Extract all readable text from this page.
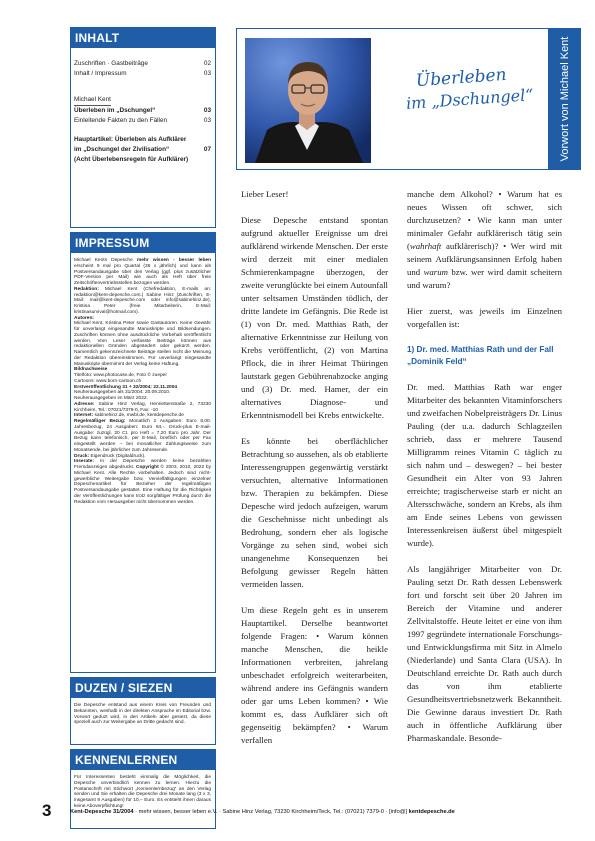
INHALT
Zuschriften · Gastbeiträge	02
Inhalt / Impressum	03
Michael Kent
Überleben im „Dschungel“	03
Einleitende Fakten zu den Fällen	03
Hauptartikel: Überleben als Aufklärer
im „Dschungel der Zivilisation“	07
(Acht Überlebensregeln für Aufklärer)
IMPRESSUM

Michael Kents Depesche mehr wissen - besser leben erscheint 9 mal pro Quartal (36 x jährlich) und kann als Postversandausgabe über den Verlag (ggf. plus zusätzlicher PDF-Version per Mail) wie auch als Heft über freie Zeitschriftenvertriebsstellen bezogen werden.

Redaktion: Michael Kent (Chefredaktion, E-mails an: redaktion@kent-depesche.com.) Sabine Hinz (Zuschriften, E-Mail: mail@kent-depesche.com oder info@sabinehinz.de), Kristina Peter (freie Mitarbeiterin, E-Mail: kristinasurvival@hotmail.com).

Autoren:

Michael Kent, Kristina Peter sowie Gastautoren. Keine Gewähr für unverlangt eingesandte Manuskripte und Bildsendungen. Zuschriften können ohne ausdrückliche Vorbehalt veröffentlicht werden. Vom Leser verfasste Beiträge können aus redaktionellen Gründen abgeändert oder gekürzt werden. Namentlich gekennzeichnete Beiträge stellen nicht die Meinung der Redaktion übereinstimmen. Für unverlangt eingesandte Manuskripte übernimmt der Verlag keine Haftung.

Bildnachweise

Titelfoto: www.photocase.de, Foto © zueper

Cartoons: www.born-cartoon.ch

Erstveröffentlichung 31 + 32/2004: 22.11.2004

Neuherausgegeben als 31/2004: 20.09.2010.

Neuherausgegeben im März 2022.

Adresse: Sabine Hinz Verlag, Henriettenstraße 2, 73230 Kirchheim, Tel.: 07021/7379-0, Fax: -10

Internet: sabinehinz.de, mwbl.de, kentdepesche.de

Regelmäßiger Bezug: Monatlich 2 Ausgaben: Euro 8,00. Jahresbezug, 24 Ausgaben: Euro 94,-. Druck-plus E-mail-Ausgabe: zuzügl. 20 Ct. pro Heft = 7,20 Euro pro Jahr. Der Bezug kann telefonisch, per E-Mail, brieflich oder per Fax eingestellt werden – bei monatlicher Zahlungsweise zum Monatsende, bei jährlicher zum Jahresende.

Druck: Eigendruck (Digitaldruck).

Inserate: In der Depesche werden keine bezahlten Fremdanzeigen abgedruckt. Copyright © 2003, 2010, 2022 by Michael Kent. Alle Rechte vorbehalten. Jedoch sind nicht-gewerbliche Weitergabe bzw. Vervielfältigungen einzelner Depeschenartikel für Bezieher der regelmäßigen Postversandausgabe gestattet. Eine Haftung für die Richtigkeit der Veröffentlichungen kann trotz sorgfältiger Prüfung durch die Redaktion vom Herausgeber nicht übernommen werden.

DUZEN / SIEZEN

Die Depesche entstand aus einem Kreis von Freunden und Bekannten, weshalb in der direkten Ansprache im Editorial bzw. Vorwort geduzt wird, in den Artikeln aber gesiezt, da diese speziell auch zur Weitergabe an Dritte gedacht sind.

KENNENLERNEN

Für Interessenten besteht einmalig die Möglichkeit, die Depesche unverbindlich kennen zu lernen. Hierzu die Postanschrift mit Stichwort „Kennenlernbezug“ an den Verlag senden und Sie erhalten die Depesche drei Monate lang (3 x 3, insgesamt 9 Ausgaben) für 10,– Euro. Es entsteht ihnen daraus keine Aboverpflichtung!

Überleben
im „Dschungel“	Vorwort von Michael Kent

Lieber Leser!

Diese Depesche entstand spontan aufgrund aktueller Ereignisse um drei aufklärend wirkende Menschen. Der erste wird derzeit mit einer medialen Schmierenkampagne überzogen, der zweite verunglückte bei einem Autounfall unter seltsamen Umständen tödlich, der dritte landete im Gefängnis. Die Rede ist (1) von Dr. med. Matthias Rath, der alternative Erkenntnisse zur Heilung von Krebs veröffentlicht, (2) von Martina Pflock, die in ihrer Heimat Thüringen lautstark gegen Gebührenabzocke anging und (3) Dr. med. Hamer, der ein alternatives Diagnose- und Erkenntnismodell bei Krebs entwickelte.

Es könnte bei oberflächlicher Betrachtung so aussehen, als ob etablierte Interessengruppen gegenwärtig verstärkt versuchten, alternative Informationen bzw. Therapien zu bekämpfen. Diese Depesche wird jedoch aufzeigen, warum die Geschehnisse nicht unbedingt als Bedrohung, sondern eher als logische Vorgänge zu sehen sind, wobei sich unangenehme Konsequenzen bei Befolgung gewisser Regeln hätten vermeiden lassen.

Um diese Regeln geht es in unserem Hauptartikel. Derselbe beantwortet folgende Fragen: • Warum können manche Menschen, die heikle Informationen verbreiten, jahrelang unbeschadet erfolgreich weiterarbeiten, während andere ins Gefängnis wandern oder gar ums Leben kommen? • Wie kommt es, dass Aufklärer sich oft gegenseitig bekämpfen? • Warum verfallen

manche dem Alkohol? • Warum hat es neues Wissen oft schwer, sich durchzusetzen? • Wie kann man unter minimaler Gefahr aufklärerisch tätig sein (wahrhaft aufklärerisch)? • Wer wird mit seinem Aufklärungsansinnen Erfolg haben und warum bzw. wer wird damit scheitern und warum?

Hier zuerst, was jeweils im Einzelnen vorgefallen ist:

1) Dr. med. Matthias Rath und der Fall „Dominik Feld“

Dr. med. Matthias Rath war enger Mitarbeiter des bekannten Vitaminforschers und zweifachen Nobelpreisträgers Dr. Linus Pauling (der u.a. dadurch Schlagzeilen schrieb, dass er mehrere Tausend Milligramm reines Vitamin C täglich zu sich nahm und – deswegen? – bei bester Gesundheit ein Alter von 93 Jahren erreichte; tragischerweise starb er nicht an Altersschwäche, sondern an Krebs, als ihm am Ende seines Lebens von gewissen Interessenkreisen äußerst übel mitgespielt wurde).

Als langjähriger Mitarbeiter von Dr. Pauling setzt Dr. Rath dessen Lebenswerk fort und forscht seit über 20 Jahren im Bereich der Vitamine und anderer Zellvitalstoffe. Heute leitet er eine von ihm 1997 gegründete internationale Forschungs- und Entwicklungsfirma mit Sitz in Almelo (Niederlande) und Santa Clara (USA). In Deutschland erreichte Dr. Rath auch durch das von ihm etablierte Gesundheitsvertriebsnetzwerk Bekanntheit. Die Gewinne daraus investiert Dr. Rath auch in öffentliche Aufklärung über Pharmaskandale. Besonde-

3	Kent-Depesche 31/2004 · mehr wissen, besser leben e.V. · Sabine Hinz Verlag, 73230 Kirchheim/Teck, Tel.: (07021) 7379-0 · [info@] kentdepesche.de
